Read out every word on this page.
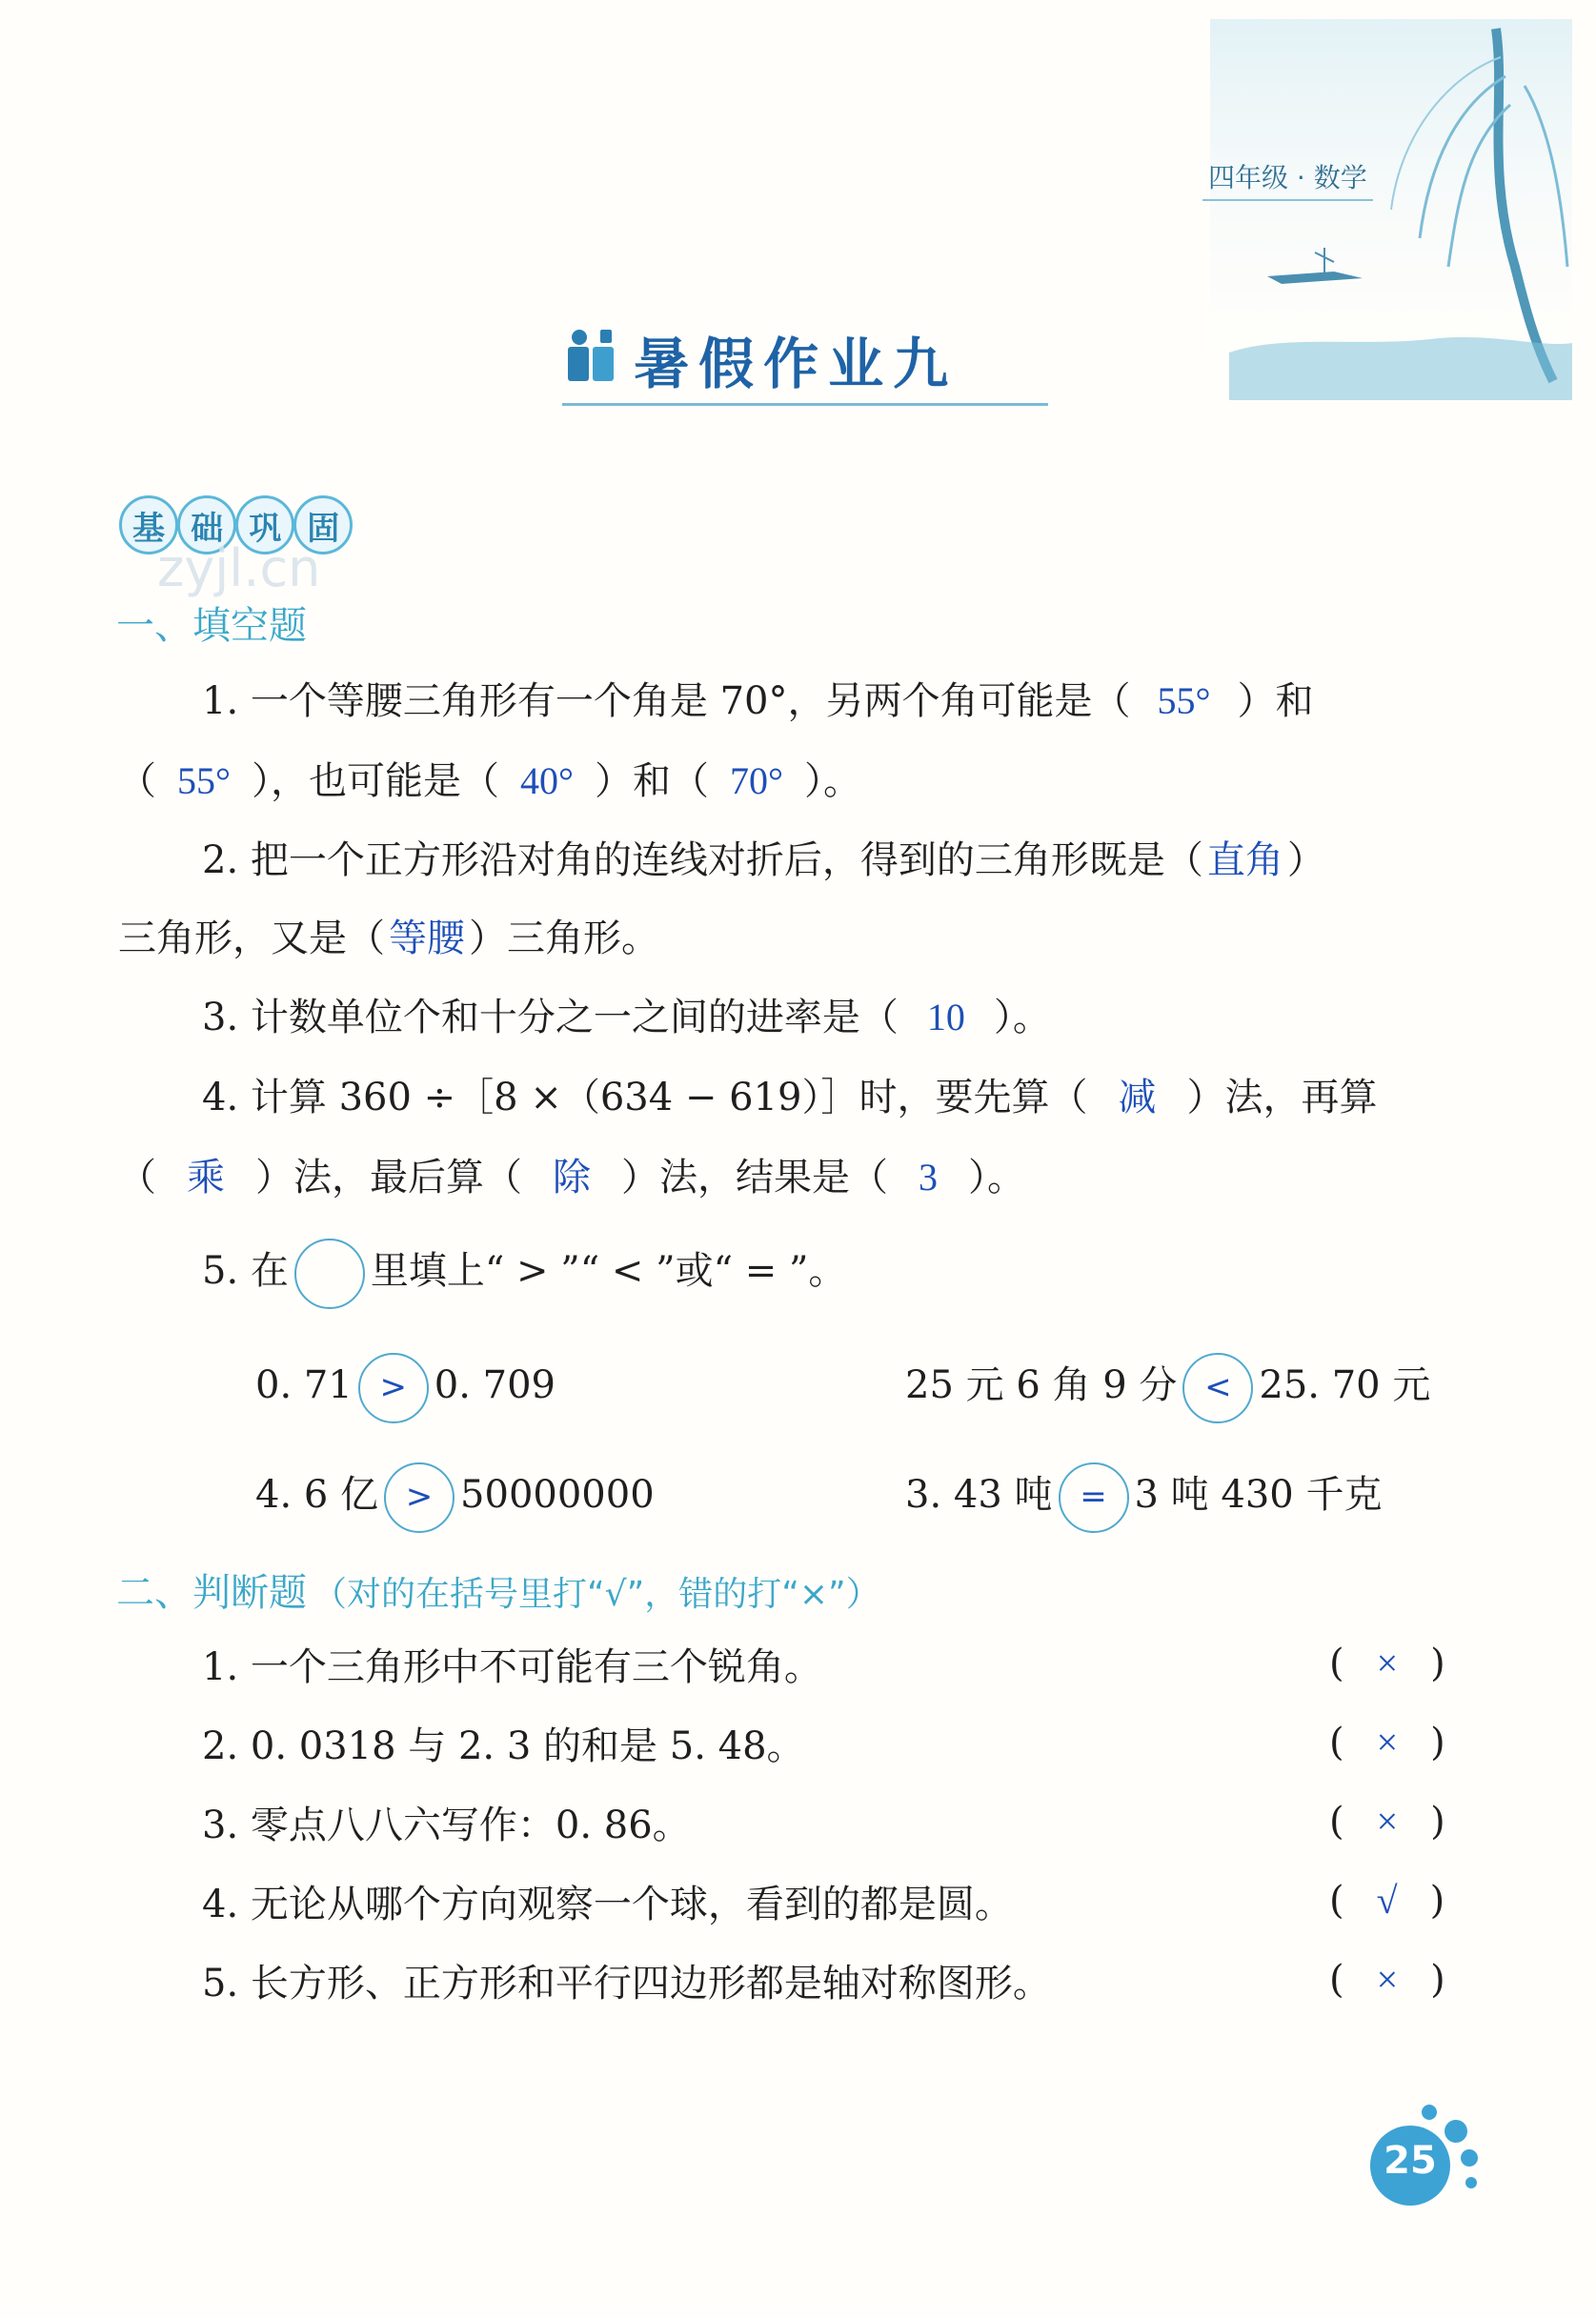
四年级 · 数学
暑假作业九
基 础 巩 固
zyjl.cn
一、填空题
1. 一个等腰三角形有一个角是 70°，另两个角可能是（ 55° ）和
（ 55° ），也可能是（ 40° ）和（ 70° ）。
2. 把一个正方形沿对角的连线对折后，得到的三角形既是（ 直角 ）
三角形，又是（ 等腰 ）三角形。
3. 计数单位个和十分之一之间的进率是（ 10 ）。
4. 计算 360 ÷［8 ×（634 − 619）］时，要先算（ 减 ）法，再算
（ 乘 ）法，最后算（ 除 ）法，结果是（ 3 ）。
5. 在 里填上“ > ”“ < ”或“ = ”。
0. 71 > 0. 709	25 元 6 角 9 分 < 25. 70 元
4. 6 亿 > 50000000	3. 43 吨 = 3 吨 430 千克
二、判断题 （对的在括号里打“√”，错的打“×”）
1. 一个三角形中不可能有三个锐角。	( × )
2. 0. 0318 与 2. 3 的和是 5. 48。	( × )
3. 零点八八六写作：0. 86。	( × )
4. 无论从哪个方向观察一个球，看到的都是圆。	( √ )
5. 长方形、正方形和平行四边形都是轴对称图形。	( × )
25
